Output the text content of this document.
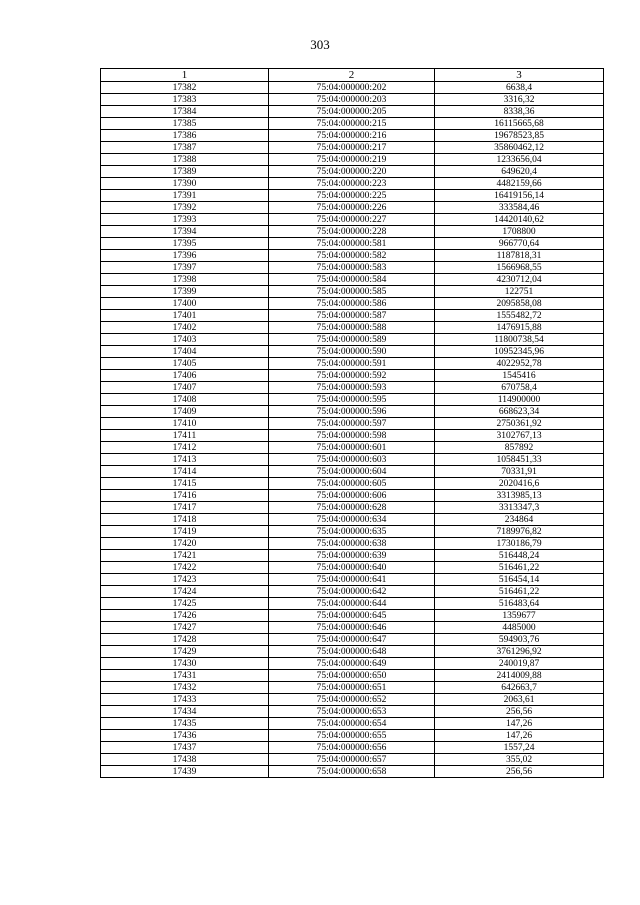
303
1	2	3
17382	75:04:000000:202	6638,4
17383	75:04:000000:203	3316,32
17384	75:04:000000:205	8338,36
17385	75:04:000000:215	16115665,68
17386	75:04:000000:216	19678523,85
17387	75:04:000000:217	35860462,12
17388	75:04:000000:219	1233656,04
17389	75:04:000000:220	649620,4
17390	75:04:000000:223	4482159,66
17391	75:04:000000:225	16419156,14
17392	75:04:000000:226	333584,46
17393	75:04:000000:227	14420140,62
17394	75:04:000000:228	1708800
17395	75:04:000000:581	966770,64
17396	75:04:000000:582	1187818,31
17397	75:04:000000:583	1566968,55
17398	75:04:000000:584	4230712,04
17399	75:04:000000:585	122751
17400	75:04:000000:586	2095858,08
17401	75:04:000000:587	1555482,72
17402	75:04:000000:588	1476915,88
17403	75:04:000000:589	11800738,54
17404	75:04:000000:590	10952345,96
17405	75:04:000000:591	4022952,78
17406	75:04:000000:592	1545416
17407	75:04:000000:593	670758,4
17408	75:04:000000:595	114900000
17409	75:04:000000:596	668623,34
17410	75:04:000000:597	2750361,92
17411	75:04:000000:598	3102767,13
17412	75:04:000000:601	857892
17413	75:04:000000:603	1058451,33
17414	75:04:000000:604	70331,91
17415	75:04:000000:605	2020416,6
17416	75:04:000000:606	3313985,13
17417	75:04:000000:628	3313347,3
17418	75:04:000000:634	234864
17419	75:04:000000:635	7189976,82
17420	75:04:000000:638	1730186,79
17421	75:04:000000:639	516448,24
17422	75:04:000000:640	516461,22
17423	75:04:000000:641	516454,14
17424	75:04:000000:642	516461,22
17425	75:04:000000:644	516483,64
17426	75:04:000000:645	1359677
17427	75:04:000000:646	4485000
17428	75:04:000000:647	594903,76
17429	75:04:000000:648	3761296,92
17430	75:04:000000:649	240019,87
17431	75:04:000000:650	2414009,88
17432	75:04:000000:651	642663,7
17433	75:04:000000:652	2063,61
17434	75:04:000000:653	256,56
17435	75:04:000000:654	147,26
17436	75:04:000000:655	147,26
17437	75:04:000000:656	1557,24
17438	75:04:000000:657	355,02
17439	75:04:000000:658	256,56
